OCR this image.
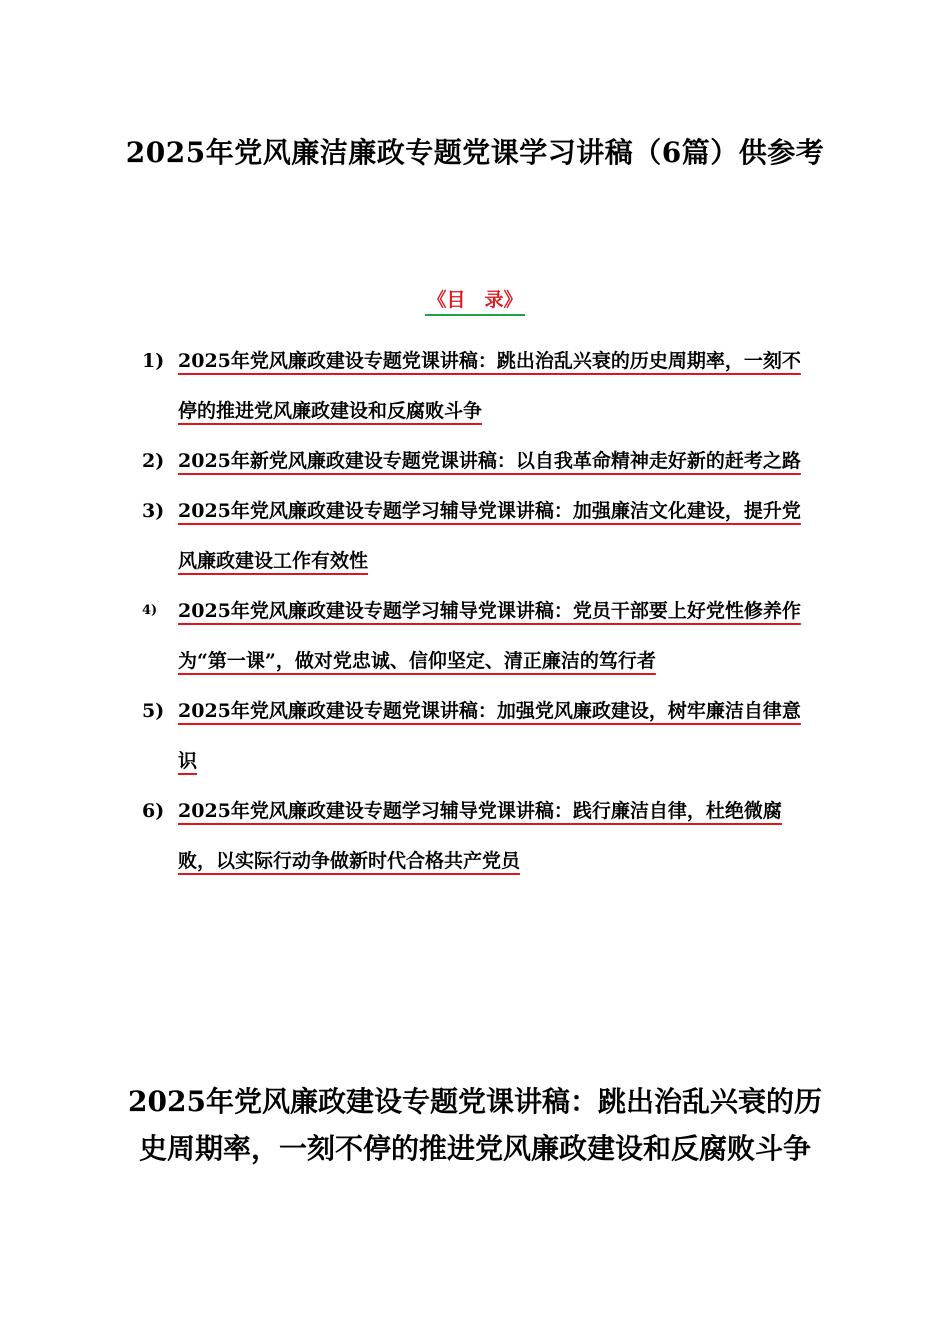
2025年党风廉洁廉政专题党课学习讲稿（6篇）供参考
《目　录》
1) 2025年党风廉政建设专题党课讲稿：跳出治乱兴衰的历史周期率，一刻不停的推进党风廉政建设和反腐败斗争
2) 2025年新党风廉政建设专题党课讲稿：以自我革命精神走好新的赶考之路
3) 2025年党风廉政建设专题学习辅导党课讲稿：加强廉洁文化建设，提升党风廉政建设工作有效性
4)	2025年党风廉政建设专题学习辅导党课讲稿：党员干部要上好党性修养作为“第一课”，做对党忠诚、信仰坚定、清正廉洁的笃行者
5) 2025年党风廉政建设专题党课讲稿：加强党风廉政建设，树牢廉洁自律意识
6) 2025年党风廉政建设专题学习辅导党课讲稿：践行廉洁自律，杜绝微腐败，以实际行动争做新时代合格共产党员
2025年党风廉政建设专题党课讲稿：跳出治乱兴衰的历史周期率，一刻不停的推进党风廉政建设和反腐败斗争
